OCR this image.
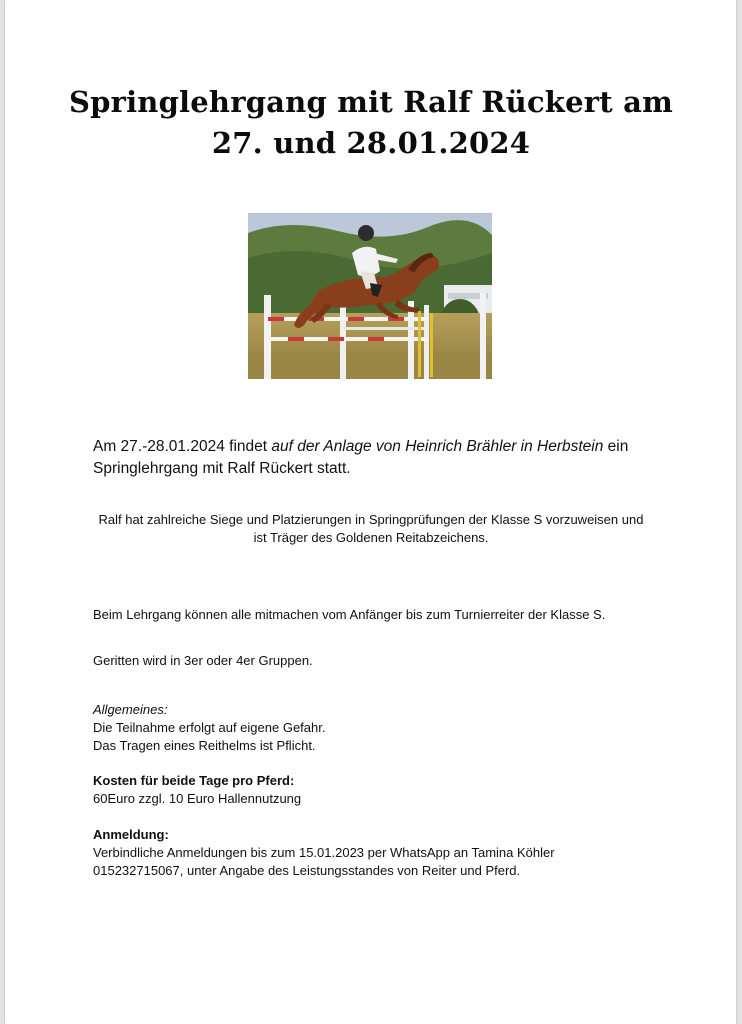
Springlehrgang mit Ralf Rückert am
27. und 28.01.2024
Am 27.-28.01.2024 findet auf der Anlage von Heinrich Brähler in Herbstein ein
Springlehrgang mit Ralf Rückert statt.
Ralf hat zahlreiche Siege und Platzierungen in Springprüfungen der Klasse S vorzuweisen und
ist Träger des Goldenen Reitabzeichens.
Beim Lehrgang können alle mitmachen vom Anfänger bis zum Turnierreiter der Klasse S.
Geritten wird in 3er oder 4er Gruppen.
Allgemeines:
Die Teilnahme erfolgt auf eigene Gefahr.
Das Tragen eines Reithelms ist Pflicht.
Kosten für beide Tage pro Pferd:
60Euro zzgl. 10 Euro Hallennutzung
Anmeldung:
Verbindliche Anmeldungen bis zum 15.01.2023 per WhatsApp an Tamina Köhler
015232715067, unter Angabe des Leistungsstandes von Reiter und Pferd.
